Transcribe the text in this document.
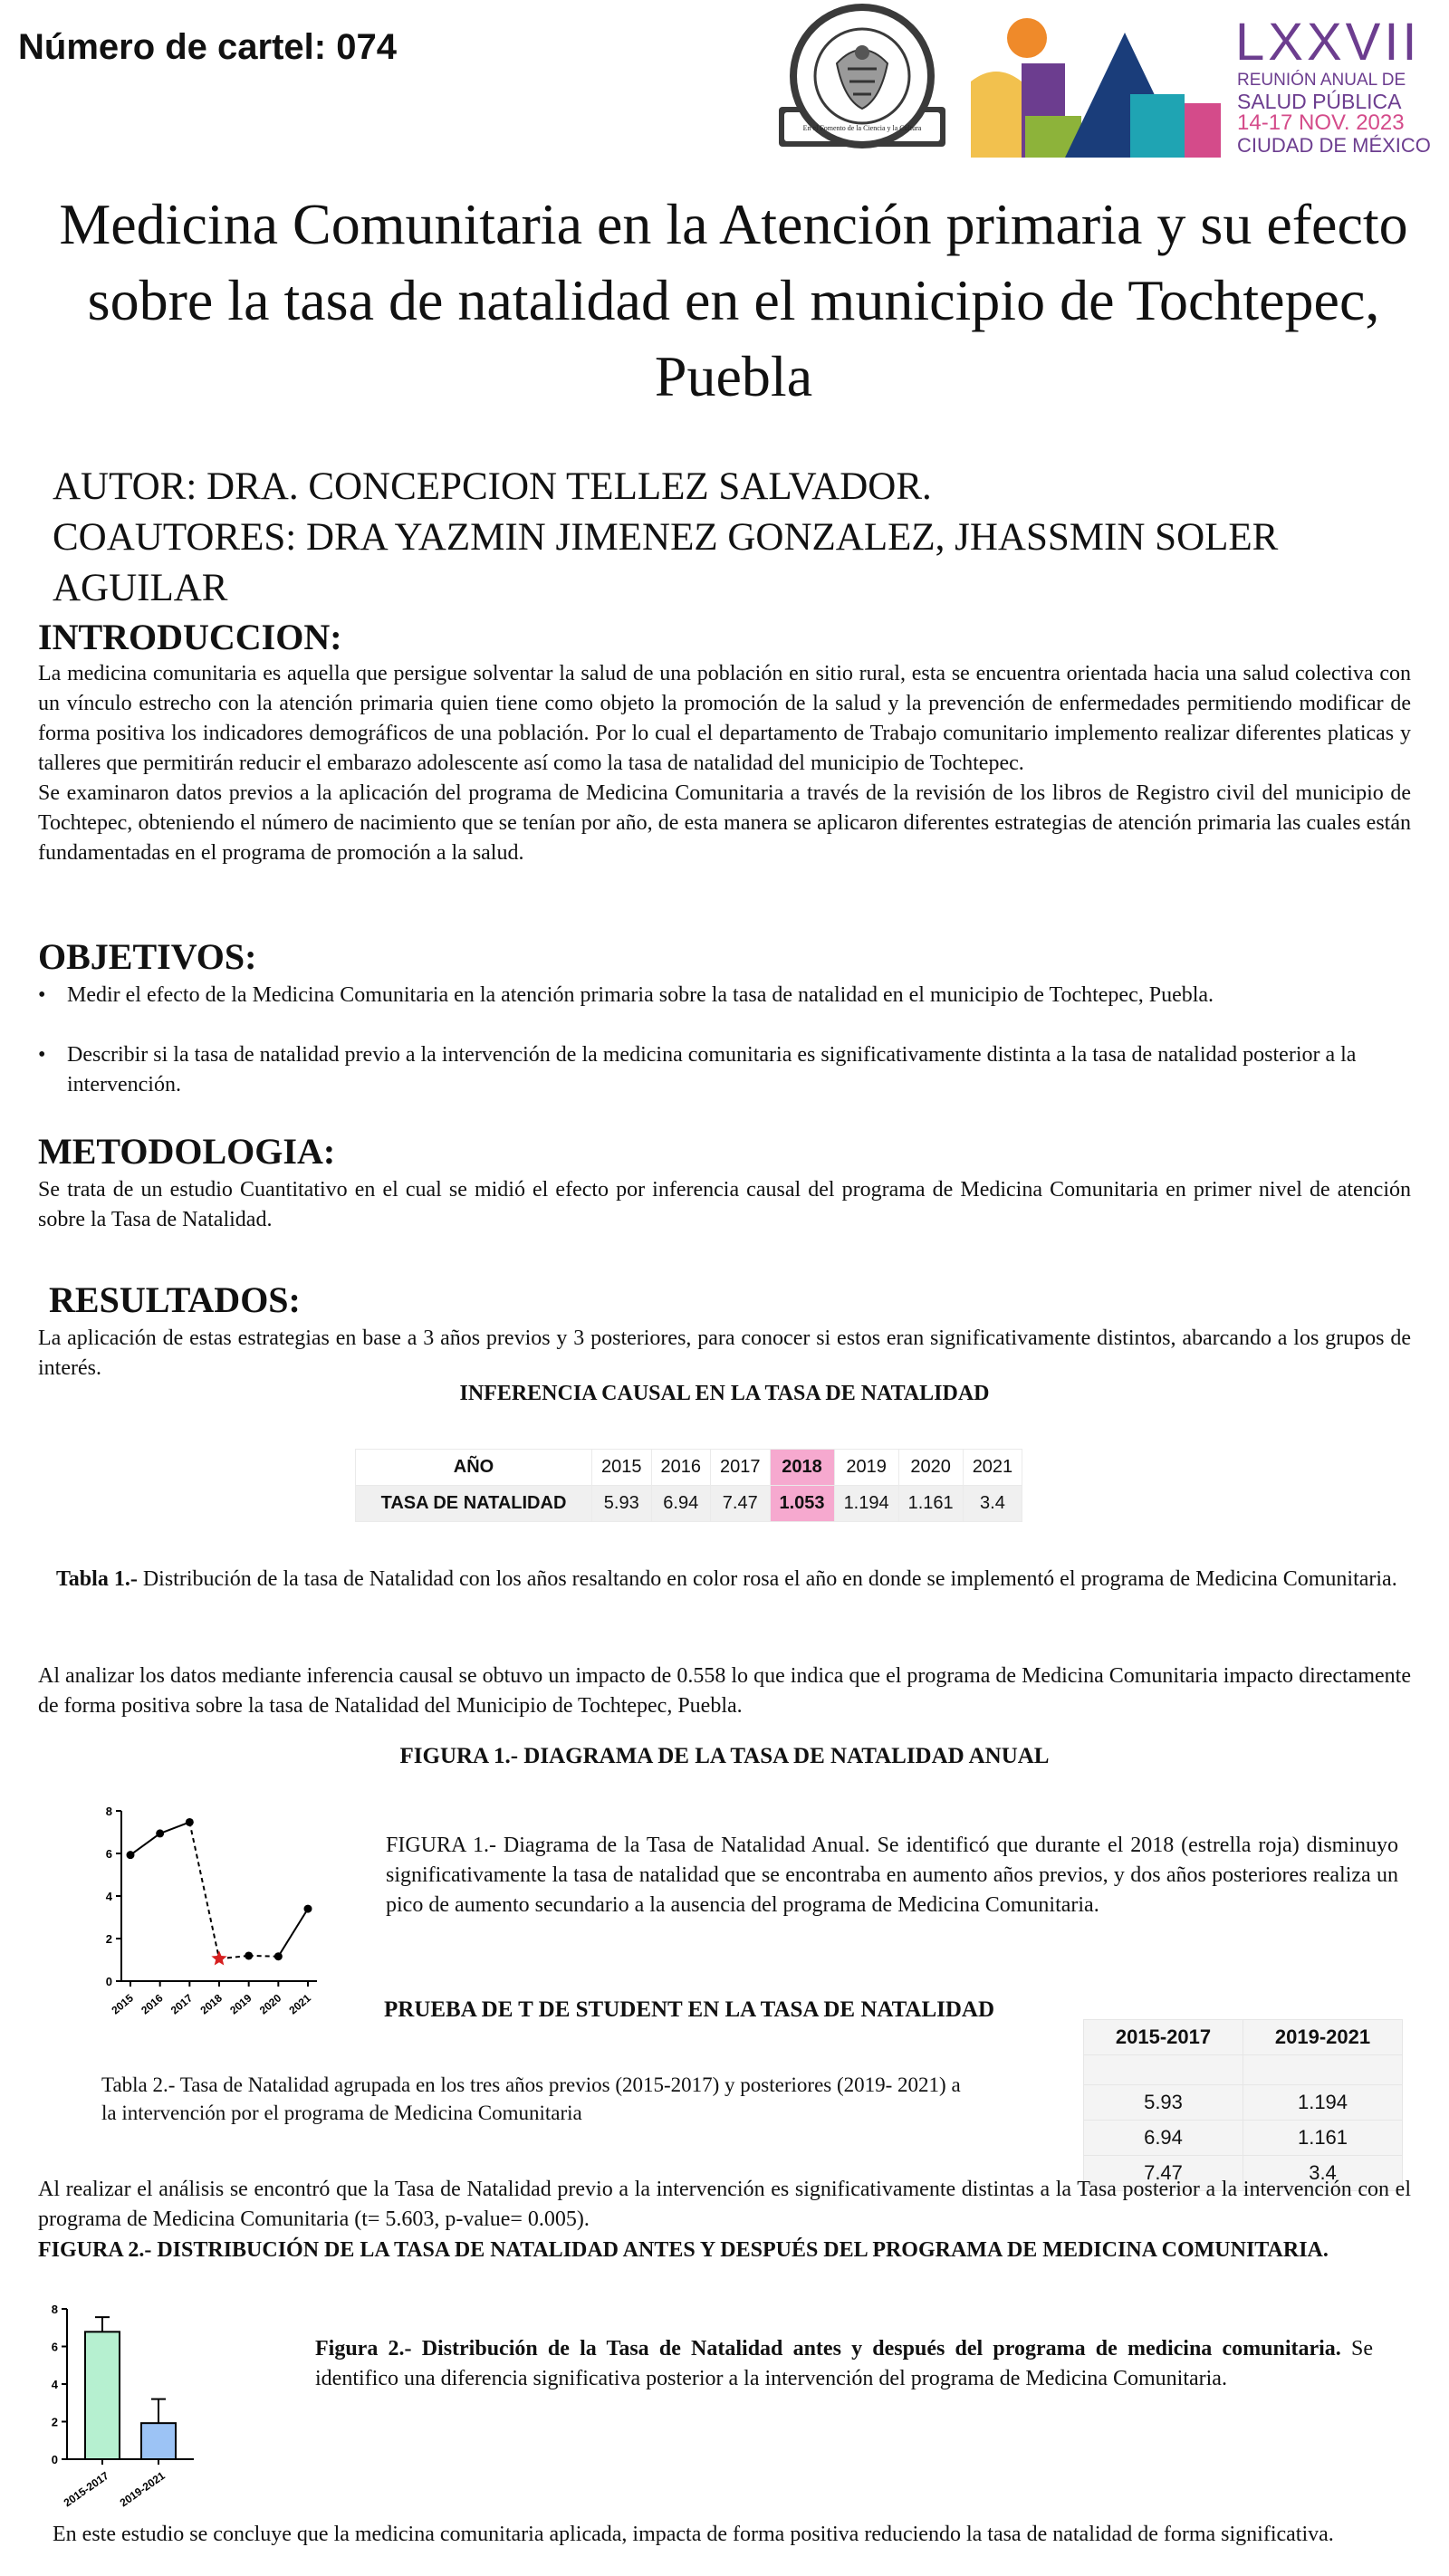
Número de cartel: 074
En el Fomento de la Ciencia y la Cultura
LXXVII
REUNIÓN ANUAL DE
SALUD PÚBLICA
14-17 NOV. 2023
CIUDAD DE MÉXICO
Medicina Comunitaria en la Atención primaria y su efecto sobre la tasa de natalidad en el municipio de Tochtepec, Puebla
AUTOR: DRA. CONCEPCION TELLEZ SALVADOR.
COAUTORES: DRA YAZMIN JIMENEZ GONZALEZ, JHASSMIN SOLER AGUILAR
INTRODUCCION:

La medicina comunitaria es aquella que persigue solventar la salud de una población en sitio rural, esta se encuentra orientada hacia una salud colectiva con un vínculo estrecho con la atención primaria quien tiene como objeto la promoción de la salud y la prevención de enfermedades permitiendo modificar de forma positiva los indicadores demográficos de una población. Por lo cual el departamento de Trabajo comunitario implemento realizar diferentes platicas y talleres que permitirán reducir el embarazo adolescente así como la tasa de natalidad del municipio de Tochtepec.

Se examinaron datos previos a la aplicación del programa de Medicina Comunitaria a través de la revisión de los libros de Registro civil del municipio de Tochtepec, obteniendo el número de nacimiento que se tenían por año, de esta manera se aplicaron diferentes estrategias de atención primaria las cuales están fundamentadas en el programa de promoción a la salud.

OBJETIVOS:
• Medir el efecto de la Medicina Comunitaria en la atención primaria sobre la tasa de natalidad en el municipio de Tochtepec, Puebla.
• Describir si la tasa de natalidad previo a la intervención de la medicina comunitaria es significativamente distinta a la tasa de natalidad posterior a la intervención.
METODOLOGIA:
Se trata de un estudio Cuantitativo en el cual se midió el efecto por inferencia causal del programa de Medicina Comunitaria en primer nivel de atención sobre la Tasa de Natalidad.
RESULTADOS:
La aplicación de estas estrategias en base a 3 años previos y 3 posteriores, para conocer si estos eran significativamente distintos, abarcando a los grupos de interés.
INFERENCIA CAUSAL EN LA TASA DE NATALIDAD
AÑO	2015	2016	2017	2018	2019	2020	2021
TASA DE NATALIDAD	5.93	6.94	7.47	1.053	1.194	1.161	3.4
Tabla 1.- Distribución de la tasa de Natalidad con los años resaltando en color rosa el año en donde se implementó el programa de Medicina Comunitaria.
Al analizar los datos mediante inferencia causal se obtuvo un impacto de 0.558 lo que indica que el programa de Medicina Comunitaria impacto directamente de forma positiva sobre la tasa de Natalidad del Municipio de Tochtepec, Puebla.
FIGURA 1.- DIAGRAMA DE LA TASA DE NATALIDAD ANUAL
0
2
4
6
8
2015 2016 2017 2018 2019 2020 2021
FIGURA 1.- Diagrama de la Tasa de Natalidad Anual. Se identificó que durante el 2018 (estrella roja) disminuyo significativamente la tasa de natalidad que se encontraba en aumento años previos, y dos años posteriores realiza un pico de aumento secundario a la ausencia del programa de Medicina Comunitaria.
PRUEBA DE T DE STUDENT EN LA TASA DE NATALIDAD
Tabla 2.- Tasa de Natalidad agrupada en los tres años previos (2015-2017) y posteriores (2019- 2021) a la intervención por el programa de Medicina Comunitaria
2015-2017	2019-2021

5.93	1.194
6.94	1.161
7.47	3.4
Al realizar el análisis se encontró que la Tasa de Natalidad previo a la intervención es significativamente distintas a la Tasa posterior a la intervención con el programa de Medicina Comunitaria (t= 5.603, p-value= 0.005).
FIGURA 2.- DISTRIBUCIÓN DE LA TASA DE NATALIDAD ANTES Y DESPUÉS DEL PROGRAMA DE MEDICINA COMUNITARIA.
0
2
4
6
8
2015-2017 2019-2021
Figura 2.- Distribución de la Tasa de Natalidad antes y después del programa de medicina comunitaria. Se identifico una diferencia significativa posterior a la intervención del programa de Medicina Comunitaria.
En este estudio se concluye que la medicina comunitaria aplicada, impacta de forma positiva reduciendo la tasa de natalidad de forma significativa.
